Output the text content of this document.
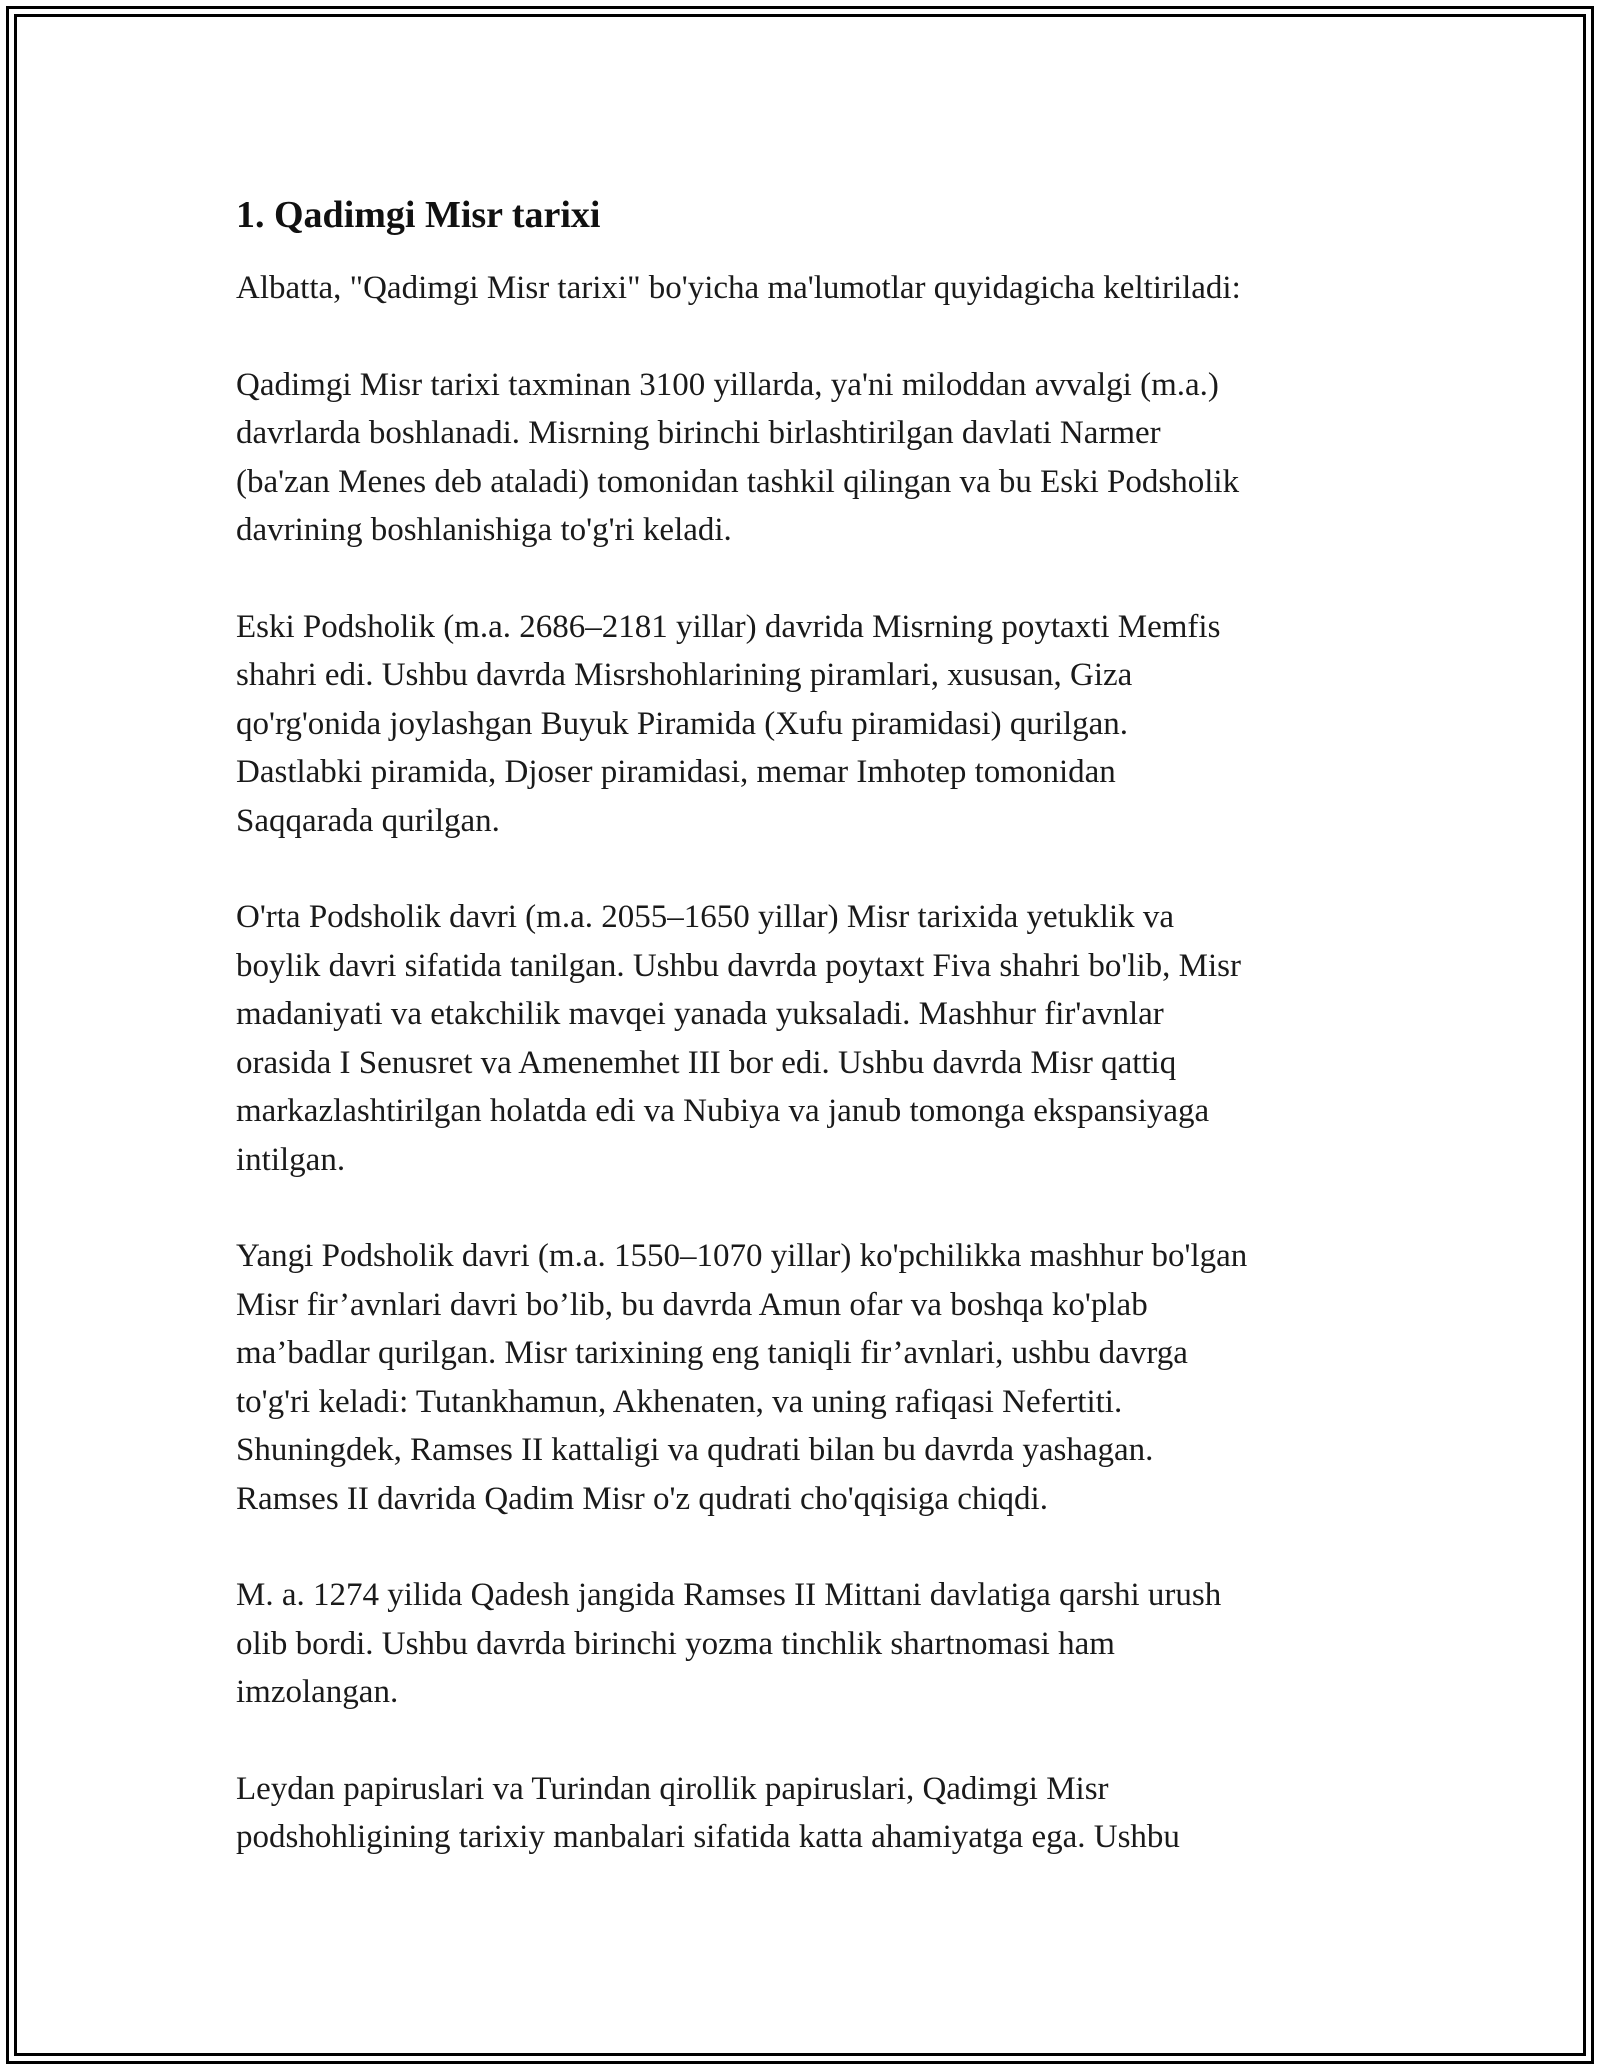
1. Qadimgi Misr tarixi

Albatta, "Qadimgi Misr tarixi" bo'yicha ma'lumotlar quyidagicha keltiriladi:

Qadimgi Misr tarixi taxminan 3100 yillarda, ya'ni miloddan avvalgi (m.a.)
davrlarda boshlanadi. Misrning birinchi birlashtirilgan davlati Narmer
(ba'zan Menes deb ataladi) tomonidan tashkil qilingan va bu Eski Podsholik
davrining boshlanishiga to'g'ri keladi.

Eski Podsholik (m.a. 2686–2181 yillar) davrida Misrning poytaxti Memfis
shahri edi. Ushbu davrda Misrshohlarining piramlari, xususan, Giza
qo'rg'onida joylashgan Buyuk Piramida (Xufu piramidasi) qurilgan.
Dastlabki piramida, Djoser piramidasi, memar Imhotep tomonidan
Saqqarada qurilgan.

O'rta Podsholik davri (m.a. 2055–1650 yillar) Misr tarixida yetuklik va
boylik davri sifatida tanilgan. Ushbu davrda poytaxt Fiva shahri bo'lib, Misr
madaniyati va etakchilik mavqei yanada yuksaladi. Mashhur fir'avnlar
orasida I Senusret va Amenemhet III bor edi. Ushbu davrda Misr qattiq
markazlashtirilgan holatda edi va Nubiya va janub tomonga ekspansiyaga
intilgan.

Yangi Podsholik davri (m.a. 1550–1070 yillar) ko'pchilikka mashhur bo'lgan
Misr fir’avnlari davri bo’lib, bu davrda Amun ofar va boshqa ko'plab
ma’badlar qurilgan. Misr tarixining eng taniqli fir’avnlari, ushbu davrga
to'g'ri keladi: Tutankhamun, Akhenaten, va uning rafiqasi Nefertiti.
Shuningdek, Ramses II kattaligi va qudrati bilan bu davrda yashagan.
Ramses II davrida Qadim Misr o'z qudrati cho'qqisiga chiqdi.

M. a. 1274 yilida Qadesh jangida Ramses II Mittani davlatiga qarshi urush
olib bordi. Ushbu davrda birinchi yozma tinchlik shartnomasi ham
imzolangan.

Leydan papiruslari va Turindan qirollik papiruslari, Qadimgi Misr
podshohligining tarixiy manbalari sifatida katta ahamiyatga ega. Ushbu
